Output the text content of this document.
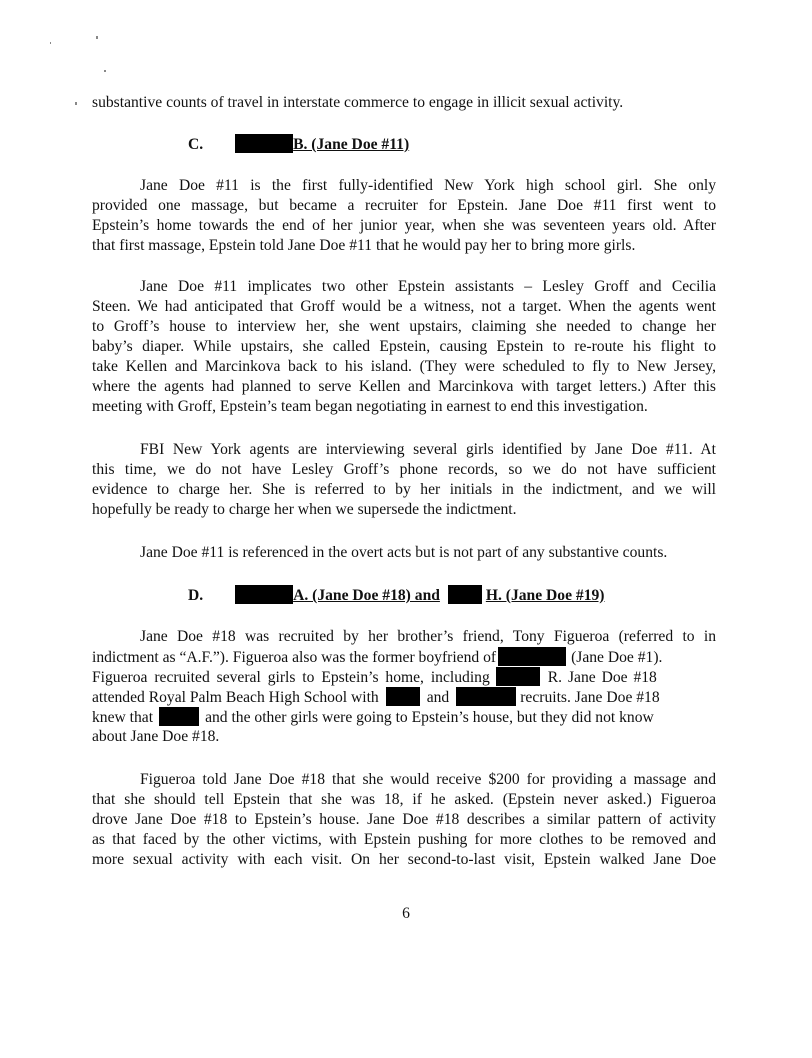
substantive counts of travel in interstate commerce to engage in illicit sexual activity.
C.	B. (Jane Doe #11)
Jane Doe #11 is the first fully-identified New York high school girl. She only
provided one massage, but became a recruiter for Epstein. Jane Doe #11 first went to
Epstein’s home towards the end of her junior year, when she was seventeen years old. After
that first massage, Epstein told Jane Doe #11 that he would pay her to bring more girls.
Jane Doe #11 implicates two other Epstein assistants – Lesley Groff and Cecilia
Steen. We had anticipated that Groff would be a witness, not a target. When the agents went
to Groff’s house to interview her, she went upstairs, claiming she needed to change her
baby’s diaper. While upstairs, she called Epstein, causing Epstein to re-route his flight to
take Kellen and Marcinkova back to his island. (They were scheduled to fly to New Jersey,
where the agents had planned to serve Kellen and Marcinkova with target letters.) After this
meeting with Groff, Epstein’s team began negotiating in earnest to end this investigation.
FBI New York agents are interviewing several girls identified by Jane Doe #11. At
this time, we do not have Lesley Groff’s phone records, so we do not have sufficient
evidence to charge her. She is referred to by her initials in the indictment, and we will
hopefully be ready to charge her when we supersede the indictment.
Jane Doe #11 is referenced in the overt acts but is not part of any substantive counts.
D.	A. (Jane Doe #18) and	H. (Jane Doe #19)
Jane Doe #18 was recruited by her brother’s friend, Tony Figueroa (referred to in
indictment as “A.F.”). Figueroa also was the former boyfriend of	(Jane Doe #1).
Figueroa recruited several girls to Epstein’s home, including	R. Jane Doe #18
attended Royal Palm Beach High School with	and	recruits. Jane Doe #18
knew that	and the other girls were going to Epstein’s house, but they did not know
about Jane Doe #18.
Figueroa told Jane Doe #18 that she would receive $200 for providing a massage and
that she should tell Epstein that she was 18, if he asked. (Epstein never asked.) Figueroa
drove Jane Doe #18 to Epstein’s house. Jane Doe #18 describes a similar pattern of activity
as that faced by the other victims, with Epstein pushing for more clothes to be removed and
more sexual activity with each visit. On her second-to-last visit, Epstein walked Jane Doe
6
